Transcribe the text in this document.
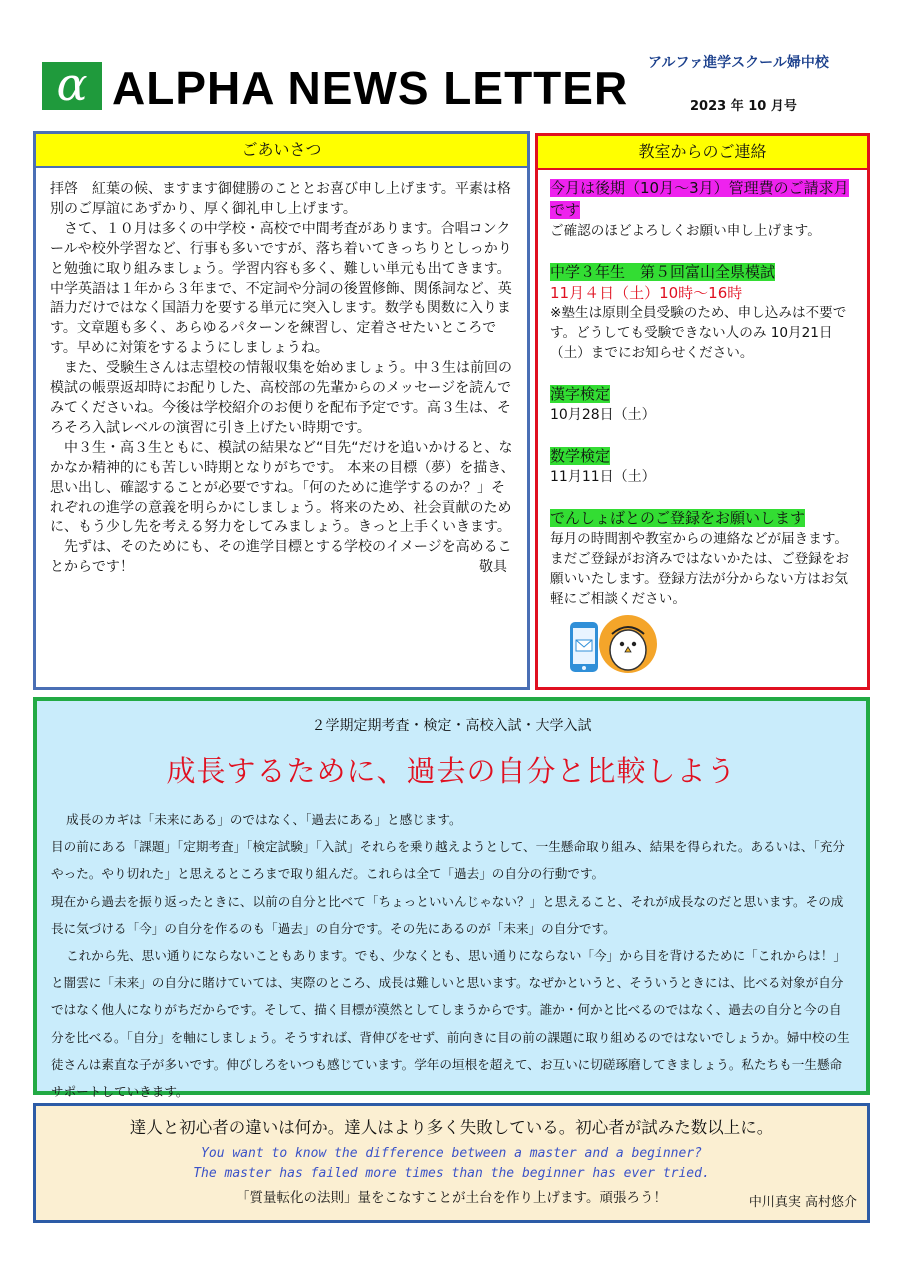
α ALPHA NEWS LETTER アルファ進学スクール婦中校
2023 年 10 月号
ごあいさつ

拝啓　紅葉の候、ますます御健勝のこととお喜び申し上げます。平素は格別のご厚誼にあずかり、厚く御礼申し上げます。

さて、１０月は多くの中学校・高校で中間考査があります。合唱コンクールや校外学習など、行事も多いですが、落ち着いてきっちりとしっかりと勉強に取り組みましょう。学習内容も多く、難しい単元も出てきます。中学英語は１年から３年まで、不定詞や分詞の後置修飾、関係詞など、英語力だけではなく国語力を要する単元に突入します。数学も関数に入ります。文章題も多く、あらゆるパターンを練習し、定着させたいところです。早めに対策をするようにしましょうね。

また、受験生さんは志望校の情報収集を始めましょう。中３生は前回の模試の帳票返却時にお配りした、高校部の先輩からのメッセージを読んでみてくださいね。今後は学校紹介のお便りを配布予定です。高３生は、そろそろ入試レベルの演習に引き上げたい時期です。

中３生・高３生ともに、模試の結果など“目先“だけを追いかけると、なかなか精神的にも苦しい時期となりがちです。 本来の目標（夢）を描き、思い出し、確認することが必要ですね。「何のために進学するのか？」それぞれの進学の意義を明らかにしましょう。将来のため、社会貢献のために、もう少し先を考える努力をしてみましょう。きっと上手くいきます。

先ずは、そのためにも、その進学目標とする学校のイメージを高めることからです！	敬具

教室からのご連絡
今月は後期（10月～3月）管理費のご請求月です
ご確認のほどよろしくお願い申し上げます。
中学３年生　第５回富山全県模試
11月４日（土）10時～16時
※塾生は原則全員受験のため、申し込みは不要です。どうしても受験できない人のみ 10月21日（土）までにお知らせください。
漢字検定
10月28日（土）
数学検定
11月11日（土）
でんしょばとのご登録をお願いします
毎月の時間割や教室からの連絡などが届きます。まだご登録がお済みではないかたは、ご登録をお願いいたします。登録方法が分からない方はお気軽にご相談ください。
２学期定期考査・検定・高校入試・大学入試
成長するために、過去の自分と比較しよう

成長のカギは「未来にある」のではなく、「過去にある」と感じます。

目の前にある「課題」「定期考査」「検定試験」「入試」それらを乗り越えようとして、一生懸命取り組み、結果を得られた。あるいは、「充分やった。やり切れた」と思えるところまで取り組んだ。これらは全て「過去」の自分の行動です。

現在から過去を振り返ったときに、以前の自分と比べて「ちょっといいんじゃない？」と思えること、それが成長なのだと思います。その成長に気づける「今」の自分を作るのも「過去」の自分です。その先にあるのが「未来」の自分です。

これから先、思い通りにならないこともあります。でも、少なくとも、思い通りにならない「今」から目を背けるために「これからは！」と闇雲に「未来」の自分に賭けていては、実際のところ、成長は難しいと思います。なぜかというと、そういうときには、比べる対象が自分ではなく他人になりがちだからです。そして、描く目標が漠然としてしまうからです。誰か・何かと比べるのではなく、過去の自分と今の自分を比べる。「自分」を軸にしましょう。そうすれば、背伸びをせず、前向きに目の前の課題に取り組めるのではないでしょうか。婦中校の生徒さんは素直な子が多いです。伸びしろをいつも感じています。学年の垣根を超えて、お互いに切磋琢磨してきましょう。私たちも一生懸命サポートしていきます。

達人と初心者の違いは何か。達人はより多く失敗している。初心者が試みた数以上に。
You want to know the difference between a master and a beginner?
The master has failed more times than the beginner has ever tried.
「質量転化の法則」量をこなすことが土台を作り上げます。頑張ろう！	中川真実 高村悠介
